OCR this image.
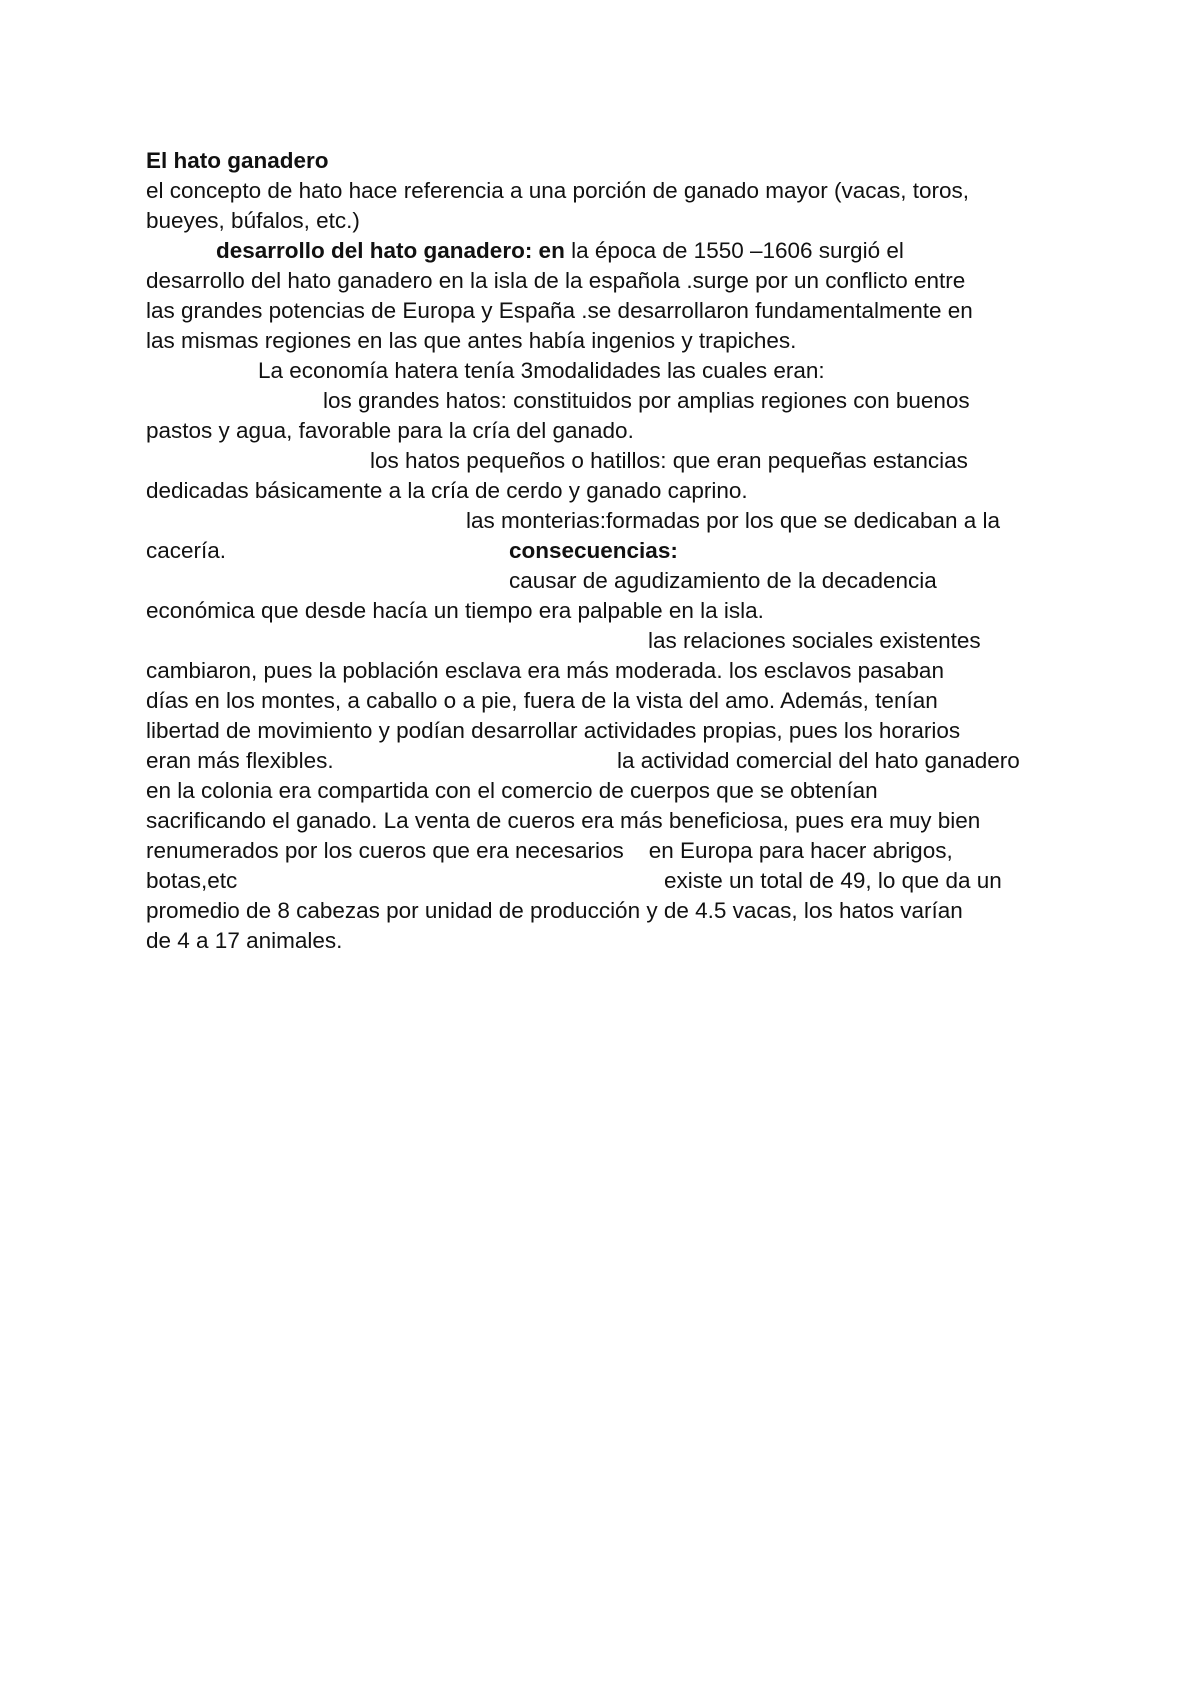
El hato ganadero
el concepto de hato hace referencia a una porción de ganado mayor (vacas, toros,
bueyes, búfalos, etc.)
desarrollo del hato ganadero: en la época de 1550 –1606 surgió el
desarrollo del hato ganadero en la isla de la española .surge por un conflicto entre
las grandes potencias de Europa y España .se desarrollaron fundamentalmente en
las mismas regiones en las que antes había ingenios y trapiches.
La economía hatera tenía 3modalidades las cuales eran:
los grandes hatos: constituidos por amplias regiones con buenos
pastos y agua, favorable para la cría del ganado.
los hatos pequeños o hatillos: que eran pequeñas estancias
dedicadas básicamente a la cría de cerdo y ganado caprino.
las monterias:formadas por los que se dedicaban a la
cacería.	consecuencias:
causar de agudizamiento de la decadencia
económica que desde hacía un tiempo era palpable en la isla.
las relaciones sociales existentes
cambiaron, pues la población esclava era más moderada. los esclavos pasaban
días en los montes, a caballo o a pie, fuera de la vista del amo. Además, tenían
libertad de movimiento y podían desarrollar actividades propias, pues los horarios
eran más flexibles.	la actividad comercial del hato ganadero
en la colonia era compartida con el comercio de cuerpos que se obtenían
sacrificando el ganado. La venta de cueros era más beneficiosa, pues era muy bien
renumerados por los cueros que era necesarios    en Europa para hacer abrigos,
botas,etc	existe un total de 49, lo que da un
promedio de 8 cabezas por unidad de producción y de 4.5 vacas, los hatos varían
de 4 a 17 animales.
